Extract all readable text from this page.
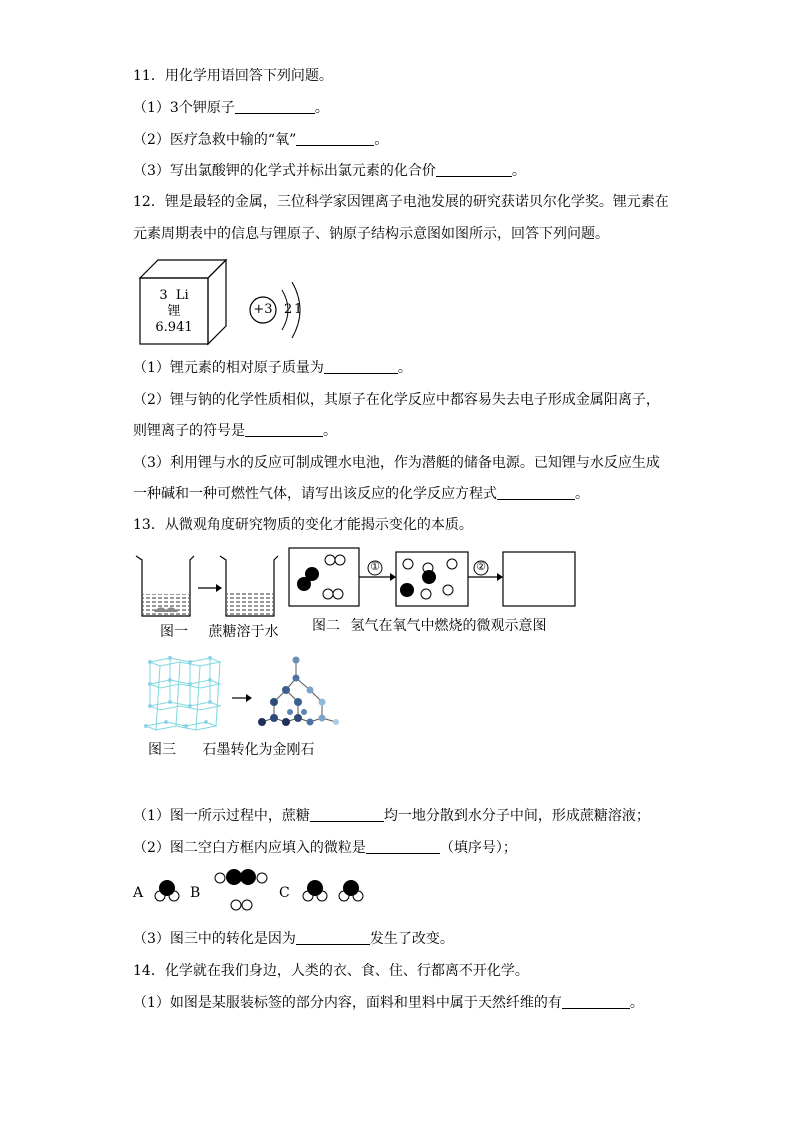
11．用化学用语回答下列问题。
（1）3个钾原子	。
（2）医疗急救中输的“氧”	。
（3）写出氯酸钾的化学式并标出氯元素的化合价	。
12．锂是最轻的金属，三位科学家因锂离子电池发展的研究获诺贝尔化学奖。锂元素在
元素周期表中的信息与锂原子、钠原子结构示意图如图所示，回答下列问题。
3 Li
锂
6.941
+3 2 1
（1）锂元素的相对原子质量为	。
（2）锂与钠的化学性质相似，其原子在化学反应中都容易失去电子形成金属阳离子，
则锂离子的符号是	。
（3）利用锂与水的反应可制成锂水电池，作为潜艇的储备电源。已知锂与水反应生成
一种碱和一种可燃性气体，请写出该反应的化学反应方程式	。
13．从微观角度研究物质的变化才能揭示变化的本质。
图一 蔗糖溶于水
①	②
图二 氢气在氧气中燃烧的微观示意图
图三 石墨转化为金刚石
（1）图一所示过程中，蔗糖	均一地分散到水分子中间，形成蔗糖溶液；
（2）图二空白方框内应填入的微粒是	（填序号）；
A	B	C
（3）图三中的转化是因为	发生了改变。
14．化学就在我们身边，人类的衣、食、住、行都离不开化学。
（1）如图是某服装标签的部分内容，面料和里料中属于天然纤维的有	。
